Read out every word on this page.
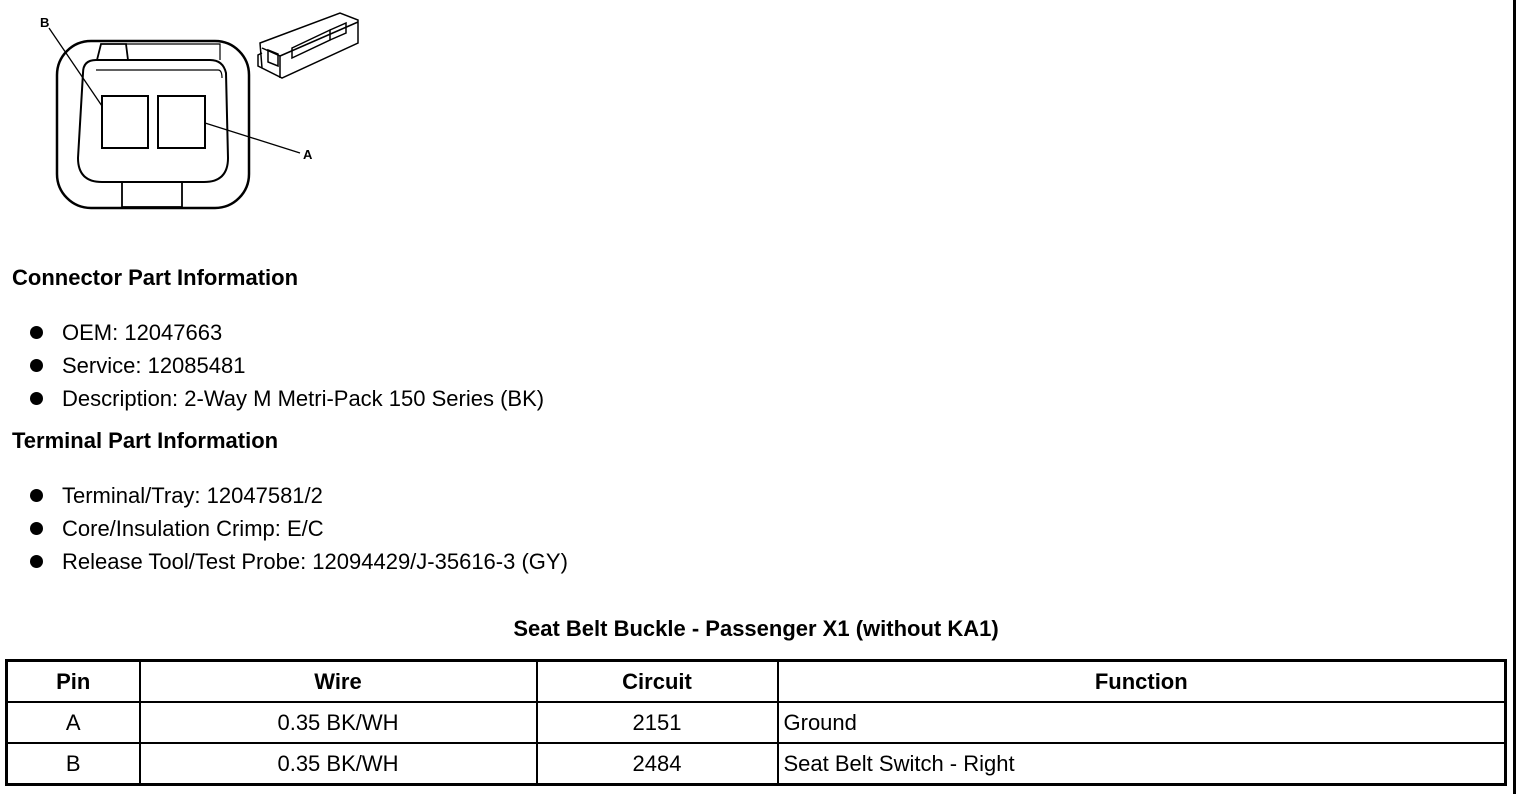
B
A
Connector Part Information
OEM: 12047663
Service: 12085481
Description: 2-Way M Metri-Pack 150 Series (BK)
Terminal Part Information
Terminal/Tray: 12047581/2
Core/Insulation Crimp: E/C
Release Tool/Test Probe: 12094429/J-35616-3 (GY)
Seat Belt Buckle - Passenger X1 (without KA1)
Pin	Wire	Circuit	Function
A	0.35 BK/WH	2151	Ground
B	0.35 BK/WH	2484	Seat Belt Switch - Right
